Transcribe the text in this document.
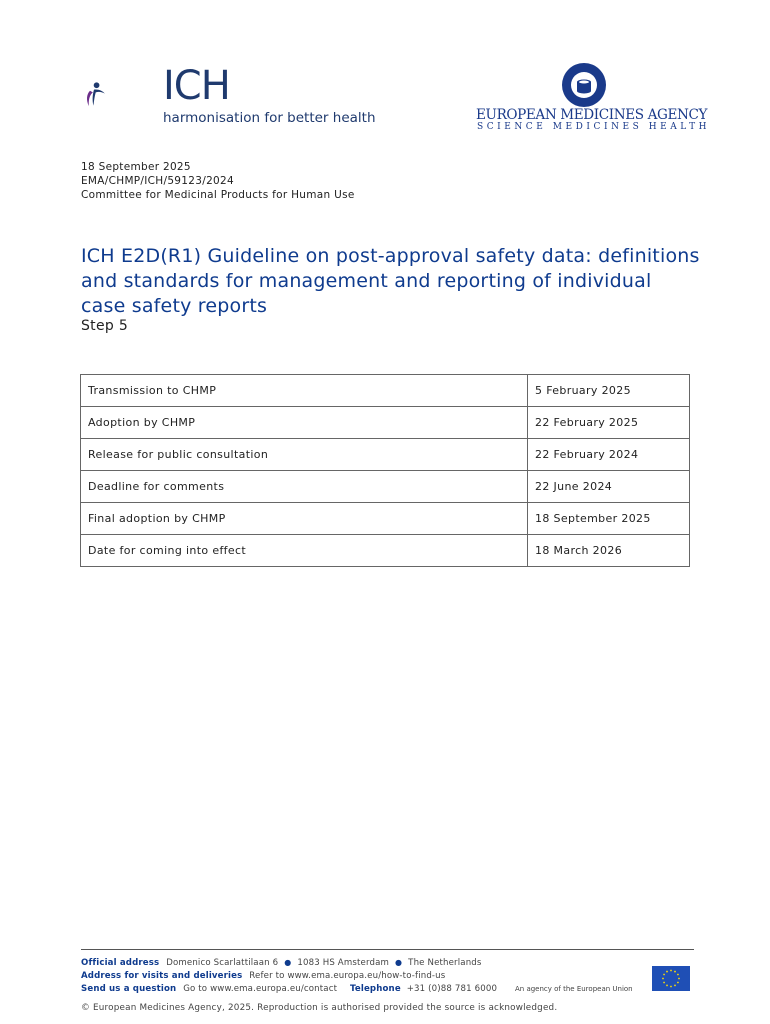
ICH
harmonisation for better health	EUROPEAN MEDICINES AGENCY
SCIENCE MEDICINES HEALTH
18 September 2025
EMA/CHMP/ICH/59123/2024
Committee for Medicinal Products for Human Use
ICH E2D(R1) Guideline on post-approval safety data: definitions and standards for management and reporting of individual case safety reports
Step 5
Transmission to CHMP	5 February 2025
Adoption by CHMP	22 February 2025
Release for public consultation	22 February 2024
Deadline for comments	22 June 2024
Final adoption by CHMP	18 September 2025
Date for coming into effect	18 March 2026
Official address Domenico Scarlattilaan 6 ● 1083 HS Amsterdam ● The Netherlands
Address for visits and deliveries Refer to www.ema.europa.eu/how-to-find-us
Send us a question Go to www.ema.europa.eu/contact Telephone +31 (0)88 781 6000	An agency of the European Union
© European Medicines Agency, 2025. Reproduction is authorised provided the source is acknowledged.
